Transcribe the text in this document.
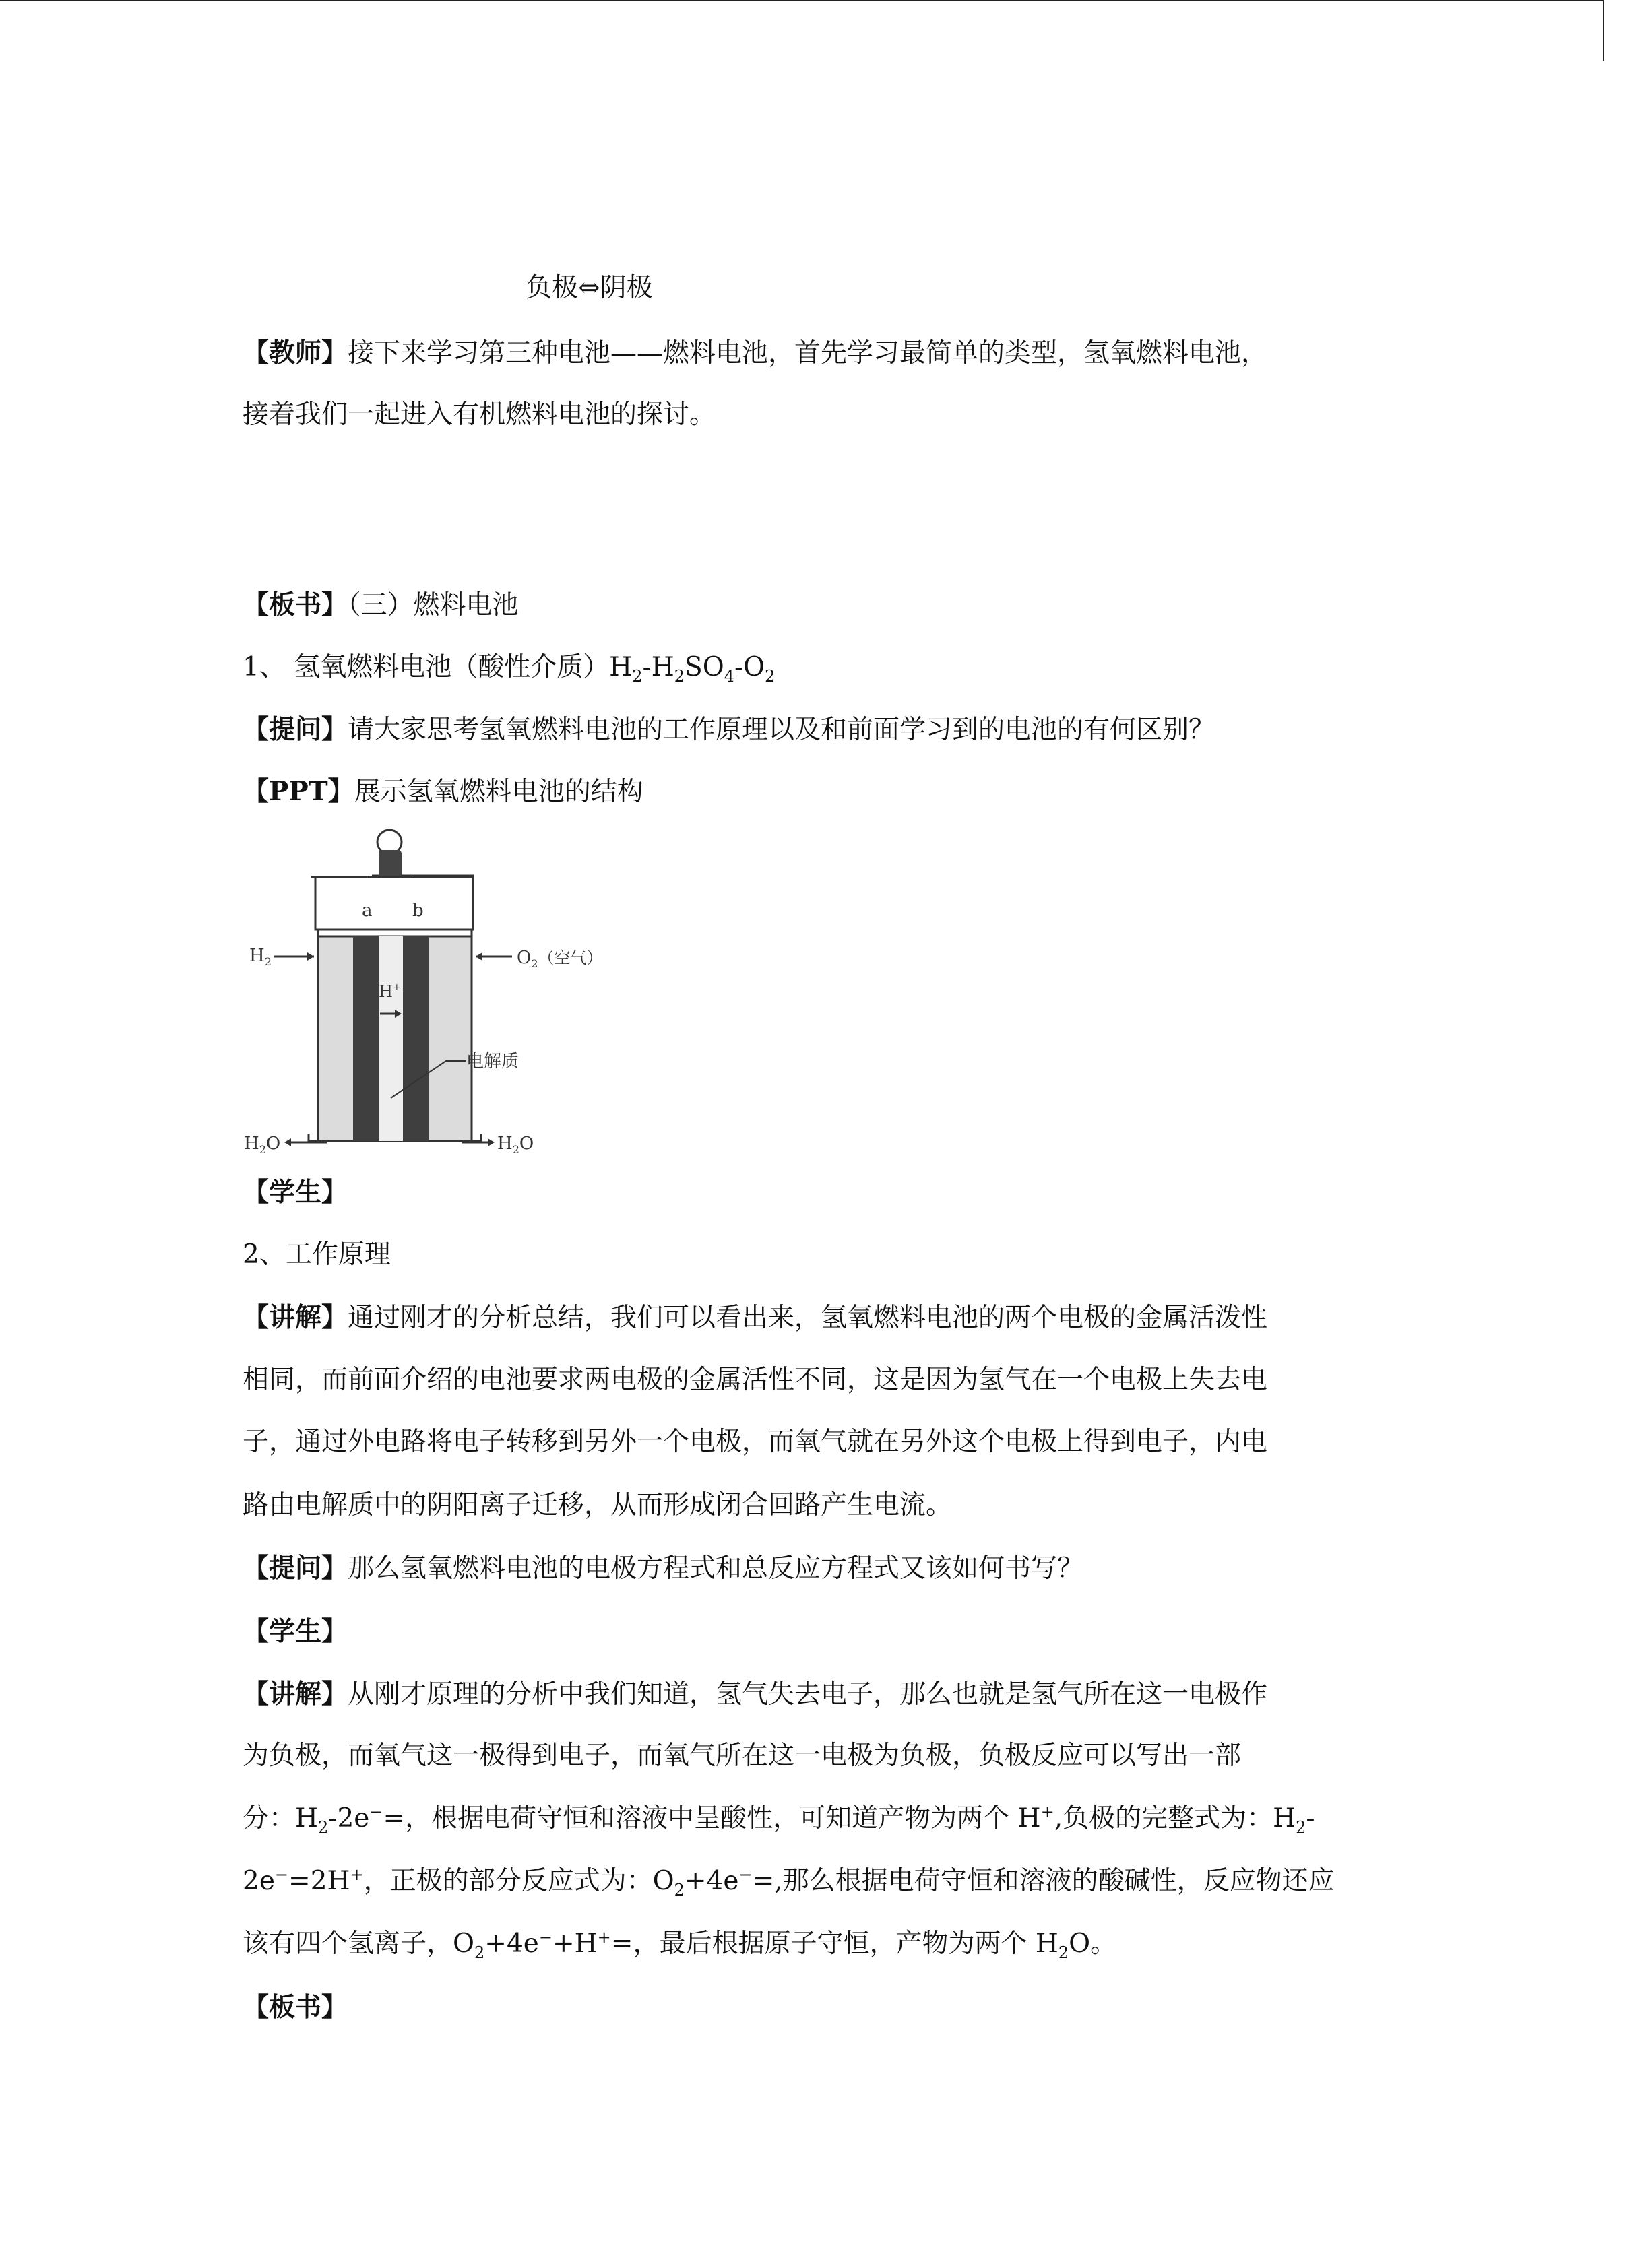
负极⇔阴极
【教师】接下来学习第三种电池——燃料电池，首先学习最简单的类型，氢氧燃料电池，
接着我们一起进入有机燃料电池的探讨。
【板书】（三）燃料电池
1、 氢氧燃料电池（酸性介质）$H_2-H_2SO_4-O_2$
【提问】请大家思考氢氧燃料电池的工作原理以及和前面学习到的电池的有何区别？
【PPT】展示氢氧燃料电池的结构
a b
$H_2$	$O_2$（空气）
H+
电解质
$H_2O$	$H_2O$
【学生】
2、工作原理
【讲解】通过刚才的分析总结，我们可以看出来，氢氧燃料电池的两个电极的金属活泼性
相同，而前面介绍的电池要求两电极的金属活性不同，这是因为氢气在一个电极上失去电
子，通过外电路将电子转移到另外一个电极，而氧气就在另外这个电极上得到电子，内电
路由电解质中的阴阳离子迁移，从而形成闭合回路产生电流。
【提问】那么氢氧燃料电池的电极方程式和总反应方程式又该如何书写？
【学生】
【讲解】从刚才原理的分析中我们知道，氢气失去电子，那么也就是氢气所在这一电极作
为负极，而氧气这一极得到电子，而氧气所在这一电极为负极，负极反应可以写出一部
分：$H_2-2e^-=$，根据电荷守恒和溶液中呈酸性，可知道产物为两个 H+,负极的完整式为：$H_2-$
2e−=2H+，正极的部分反应式为：$O_2+4e^-=$,那么根据电荷守恒和溶液的酸碱性，反应物还应
该有四个氢离子，$O_2+4e^-+H^+=$，最后根据原子守恒，产物为两个 $H_2O$。
【板书】
